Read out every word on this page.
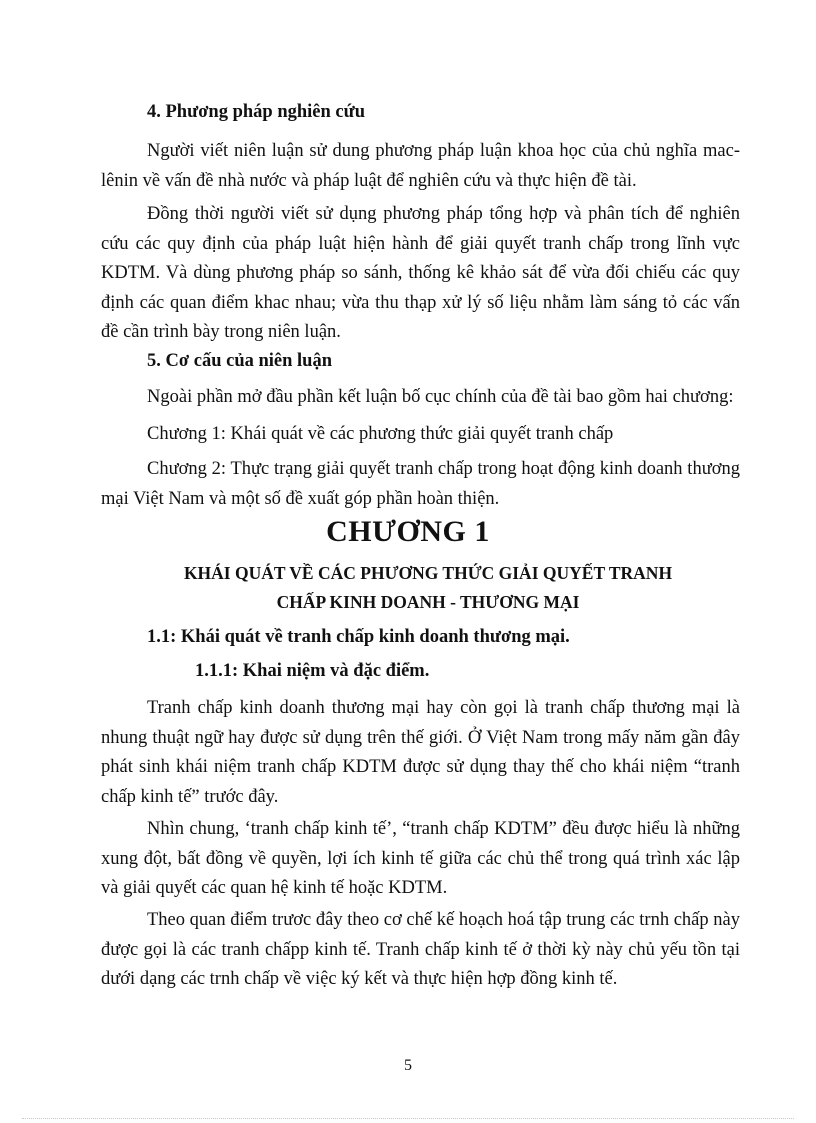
4. Phương pháp nghiên cứu

Người viết niên luận sử dung phương pháp luận khoa học của chủ nghĩa mac- lênin về vấn đề nhà nước và pháp luật để nghiên cứu và thực hiện đề tài.

Đồng thời người viết sử dụng phương pháp tổng hợp và phân tích để nghiên cứu các quy định của pháp luật hiện hành để giải quyết tranh chấp trong lĩnh vực KDTM. Và dùng phương pháp so sánh, thống kê khảo sát để vừa đối chiếu các quy định các quan điểm khac nhau; vừa thu thạp xử lý số liệu nhằm làm sáng tỏ các vấn đề cần trình bày trong niên luận.

5. Cơ cấu của niên luận

Ngoài phần mở đầu phần kết luận bố cục chính của đề tài bao gồm hai chương:

Chương 1: Khái quát về các phương thức giải quyết tranh chấp

Chương 2: Thực trạng giải quyết tranh chấp trong hoạt động kinh doanh thương mại Việt Nam và một số đề xuất góp phần hoàn thiện.

CHƯƠNG 1
KHÁI QUÁT VỀ CÁC PHƯƠNG THỨC GIẢI QUYẾT TRANH
CHẤP KINH DOANH - THƯƠNG MẠI
1.1: Khái quát về tranh chấp kinh doanh thương mại.
1.1.1: Khai niệm và đặc điểm.

Tranh chấp kinh doanh thương mại hay còn gọi là tranh chấp thương mại là nhung thuật ngữ hay được sử dụng trên thế giới. Ở Việt Nam trong mấy năm gần đây phát sinh khái niệm tranh chấp KDTM được sử dụng thay thế cho khái niệm “tranh chấp kinh tế” trước đây.

Nhìn chung, ‘tranh chấp kinh tế’, “tranh chấp KDTM” đều được hiểu là những xung đột, bất đồng về quyền, lợi ích kinh tế giữa các chủ thể trong quá trình xác lập và giải quyết các quan hệ kinh tế hoặc KDTM.

Theo quan điểm trươc đây theo cơ chế kế hoạch hoá tập trung các trnh chấp này được gọi là các tranh chấpp kinh tế. Tranh chấp kinh tế ở thời kỳ này chủ yếu tồn tại dưới dạng các trnh chấp về việc ký kết và thực hiện hợp đồng kinh tế.

5
